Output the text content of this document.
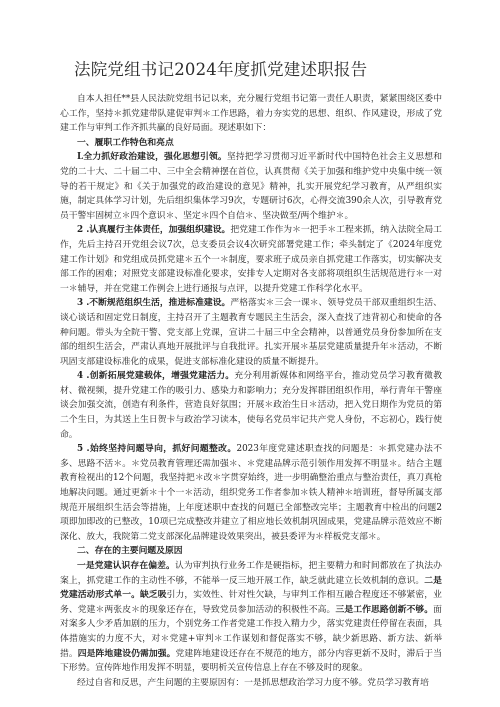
法院党组书记2024年度抓党建述职报告

自本人担任**县人民法院党组书记以来，充分履行党组书记第一责任人职责，紧紧围绕区委中心工作，坚持＊抓党建带队建促审判＊工作思路，着力夯实党的思想、组织、作风建设，形成了党建工作与审判工作齐抓共赢的良好局面。现述职如下：

一、履职工作特色和亮点

L全力抓好政治建设，强化思想引领。坚持把学习贯彻习近平新时代中国特色社会主义思想和党的二十大、二十届二中、三中全会精神摆在首位，认真贯彻《关于加强和维护党中央集中统一领导的若干规定》和《关于加强党的政治建设的意见》精神，扎实开展党纪学习教育，从严组织实施，制定具体学习计划，先后组织集体学习9次，专题研讨6次，心得交流390余人次，引导教育党员干警牢固树立＊四个意识＊、坚定＊四个自信＊、坚决做至/两个维护＊。

2 .认真履行主体责任，加强组织建设。把党建工作作为＊一把手＊工程来抓，纳入法院全局工作，先后主持召开党组会议7次，总支委员会议4次研究部署党建工作；牵头制定了《2024年度党建工作计划》和党组成员抓党建＊五个一＊制度，要求班子成员亲自抓党建工作落实，切实解决支部工作的困难；对照党支部建设标准化要求，安排专人定期对各支部将项组织生活规范进行＊一对一＊辅导，并在党建工作例会上进行通报与点评，以提升党建工作科学化水平。

3 .不断规范组织生活，推进标准建设。严格落实＊三会一课＊、领导党员干部双重组织生活、谈心谈话和固定党日制度，主持召开了主题教育专题民主生活会，深入查找了违背初心和使命的各种问题。带头为全院干警、党支部上党课，宣讲二十届三中全会精神，以普通党员身份参加所在支部的组织生活会，严肃认真地开展批评与自我批评。扎实开展＊基层党建质量提升年＊活动，不断巩固支部建设标准化的成果，促进支部标准化建设的质量不断提升。

4 .创新拓展党建载体，增强党建活力。充分利用新媒体和网络平台，推动党员学习教育微教材、微视频，提升党建工作的吸引力、感染力和影响力；充分发挥群团组织作用，举行青年干警座谈会加强交流，创造有利条件，营造良好氛围；开展＊政治生日＊活动，把入党日期作为党员的第二个生日，为其送上生日贺卡与政治学习读本，使每名党员牢记共产党人身份，不忘初心，践行使命。

5 .始终坚持问题导向，抓好问题整改。2023年度党建述职查找的问题是：＊抓党建办法不多、思路不活＊。＊党员教育管理还需加强＊、＊党建品牌示范引领作用发挥不明显＊。结合主题教育检视出的12个问题，我坚持把＊改＊字贯穿始终，进一步明确整治重点与整治责任，真刀真枪地解决问题。通过更新＊十个一＊活动，组织党务工作者参加＊铁人精神＊培训班，督导所属支部规范开展组织生活会等措施，上年度述职中查找的问题已全部整改完毕；主题教育中检出的问题2项即加即改的已整改，10项已完成整改并建立了相应地长效机制巩固成果，党建品牌示范效应不断深化、放大，我院第二党支部深化品牌建设效果突出，被县委评为＊样板党支部＊。

二、存在的主要问题及原因

一是党建认识存在偏差。认为审判执行业务工作是硬指标，把主要精力和时间都放在了执法办案上，抓党建工作的主动性不够，不能举一反三地开展工作，缺乏就此建立长效机制的意识。二是党建活动形式单一。缺乏吸引力，实效性、针对性欠缺，与审判工作相互融合程度还不够紧密，业务、党建＊两张皮＊的现象还存在，导致党员参加活动的积极性不高。三是工作思路创新不够。面对案多人少矛盾加剧的压力，个别党务工作者党建工作投入精力少，落实党建责任停留在表面，具体措施实的力度不大，对＊党建+审判＊工作谋划和督促落实不够，缺少新思路、新方法、新举措。四是阵地建设仍需加强。党建阵地建设还存在不规范的地方，部分内容更新不及时，滞后于当下形势。宣传阵地作用发挥不明显，要明析关宣传信息上存在不够及时的现象。

经过自省和反思，产生问题的主要原因有：一是抓思想政治学习力度不够。党员学习教育培
